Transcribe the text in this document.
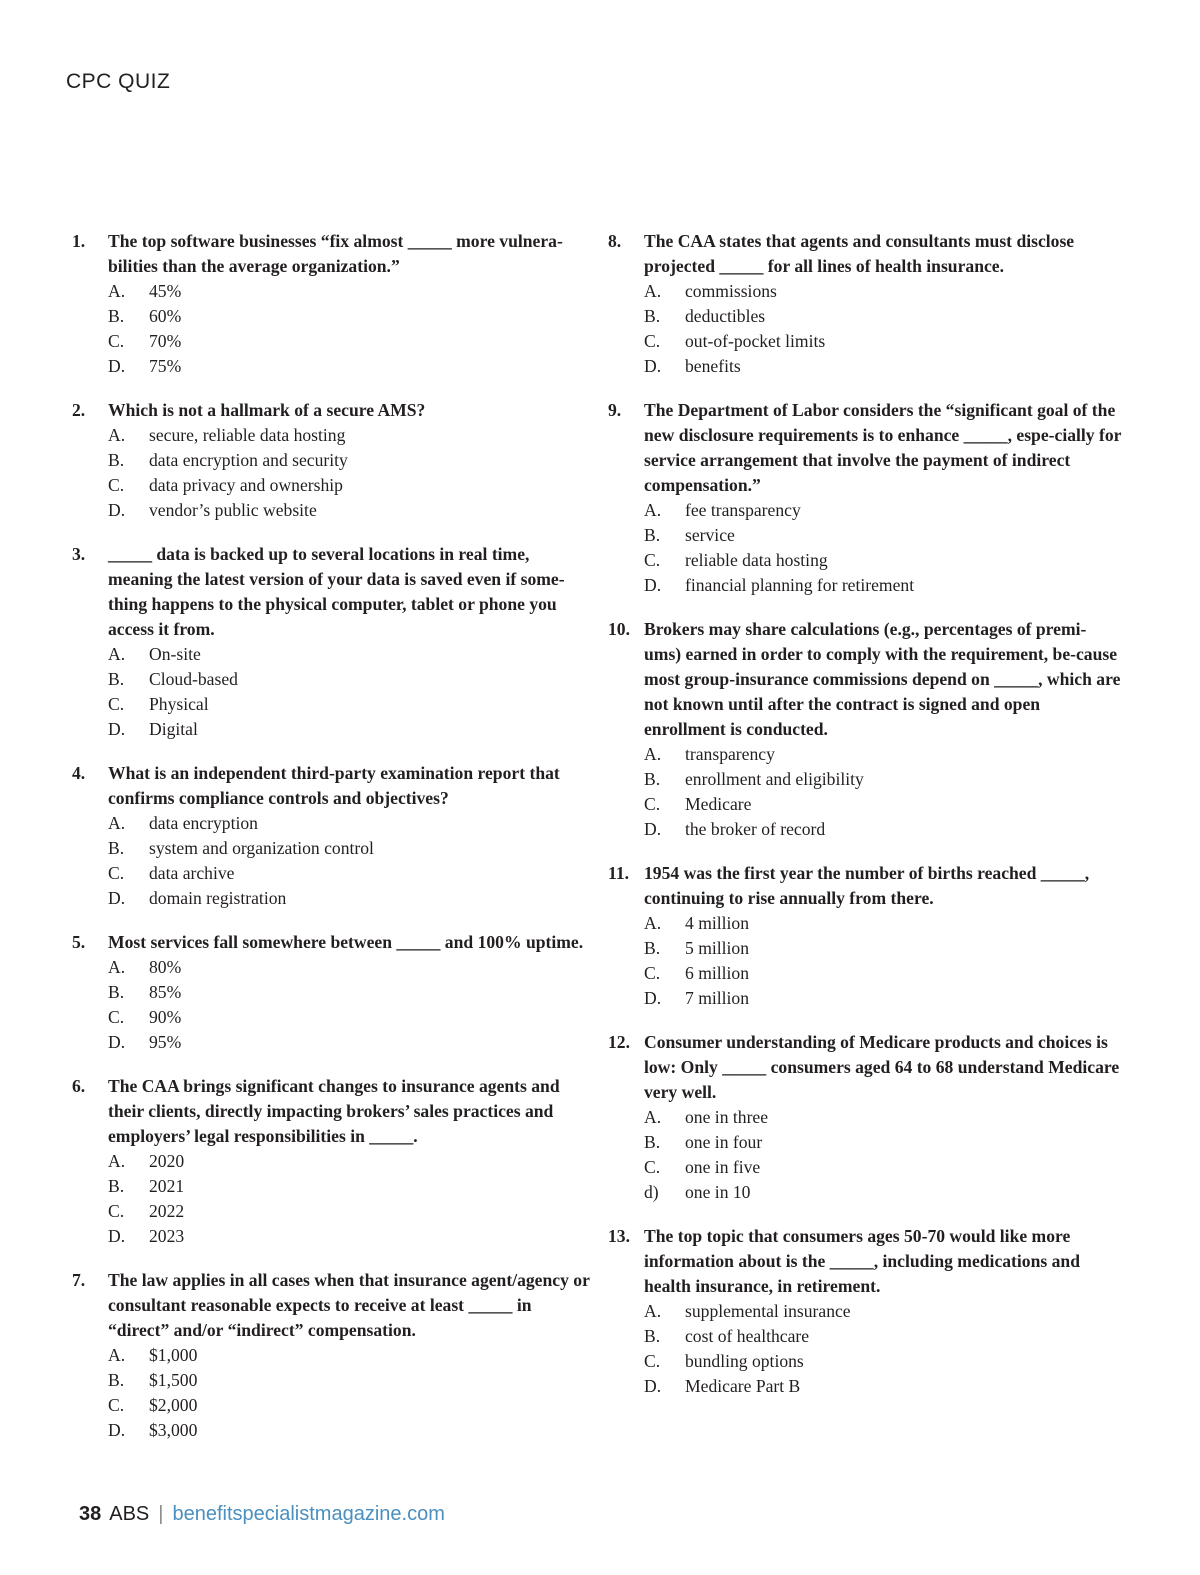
CPC QUIZ
1.	The top software businesses “fix almost _____ more vulnera-bilities than the average organization.”
A.	45%
B.	60%
C.	70%
D.	75%
2.	Which is not a hallmark of a secure AMS?
A.	secure, reliable data hosting
B.	data encryption and security
C.	data privacy and ownership
D.	vendor’s public website
3.	_____ data is backed up to several locations in real time, meaning the latest version of your data is saved even if some-thing happens to the physical computer, tablet or phone you access it from.
A.	On-site
B.	Cloud-based
C.	Physical
D.	Digital
4.	What is an independent third-party examination report that confirms compliance controls and objectives?
A.	data encryption
B.	system and organization control
C.	data archive
D.	domain registration
5.	Most services fall somewhere between _____ and 100% uptime.
A.	80%
B.	85%
C.	90%
D.	95%
6.	The CAA brings significant changes to insurance agents and their clients, directly impacting brokers’ sales practices and employers’ legal responsibilities in _____.
A.	2020
B.	2021
C.	2022
D.	2023
7.	The law applies in all cases when that insurance agent/agency or consultant reasonable expects to receive at least _____ in “direct” and/or “indirect” compensation.
A.	$1,000
B.	$1,500
C.	$2,000
D.	$3,000
8.	The CAA states that agents and consultants must disclose projected _____ for all lines of health insurance.
A.	commissions
B.	deductibles
C.	out-of-pocket limits
D.	benefits
9.	The Department of Labor considers the “significant goal of the new disclosure requirements is to enhance _____, espe-cially for service arrangement that involve the payment of indirect compensation.”
A.	fee transparency
B.	service
C.	reliable data hosting
D.	financial planning for retirement
10. Brokers may share calculations (e.g., percentages of premi-ums) earned in order to comply with the requirement, be-cause most group-insurance commissions depend on _____, which are not known until after the contract is signed and open enrollment is conducted.
A.	transparency
B.	enrollment and eligibility
C.	Medicare
D.	the broker of record
11. 1954 was the first year the number of births reached _____, continuing to rise annually from there.
A.	4 million
B.	5 million
C.	6 million
D.	7 million
12. Consumer understanding of Medicare products and choices is low: Only _____ consumers aged 64 to 68 understand Medicare very well.
A.	one in three
B.	one in four
C.	one in five
d)	one in 10
13. The top topic that consumers ages 50-70 would like more information about is the _____, including medications and health insurance, in retirement.
A.	supplemental insurance
B.	cost of healthcare
C.	bundling options
D.	Medicare Part B
38 ABS | benefitspecialistmagazine.com
